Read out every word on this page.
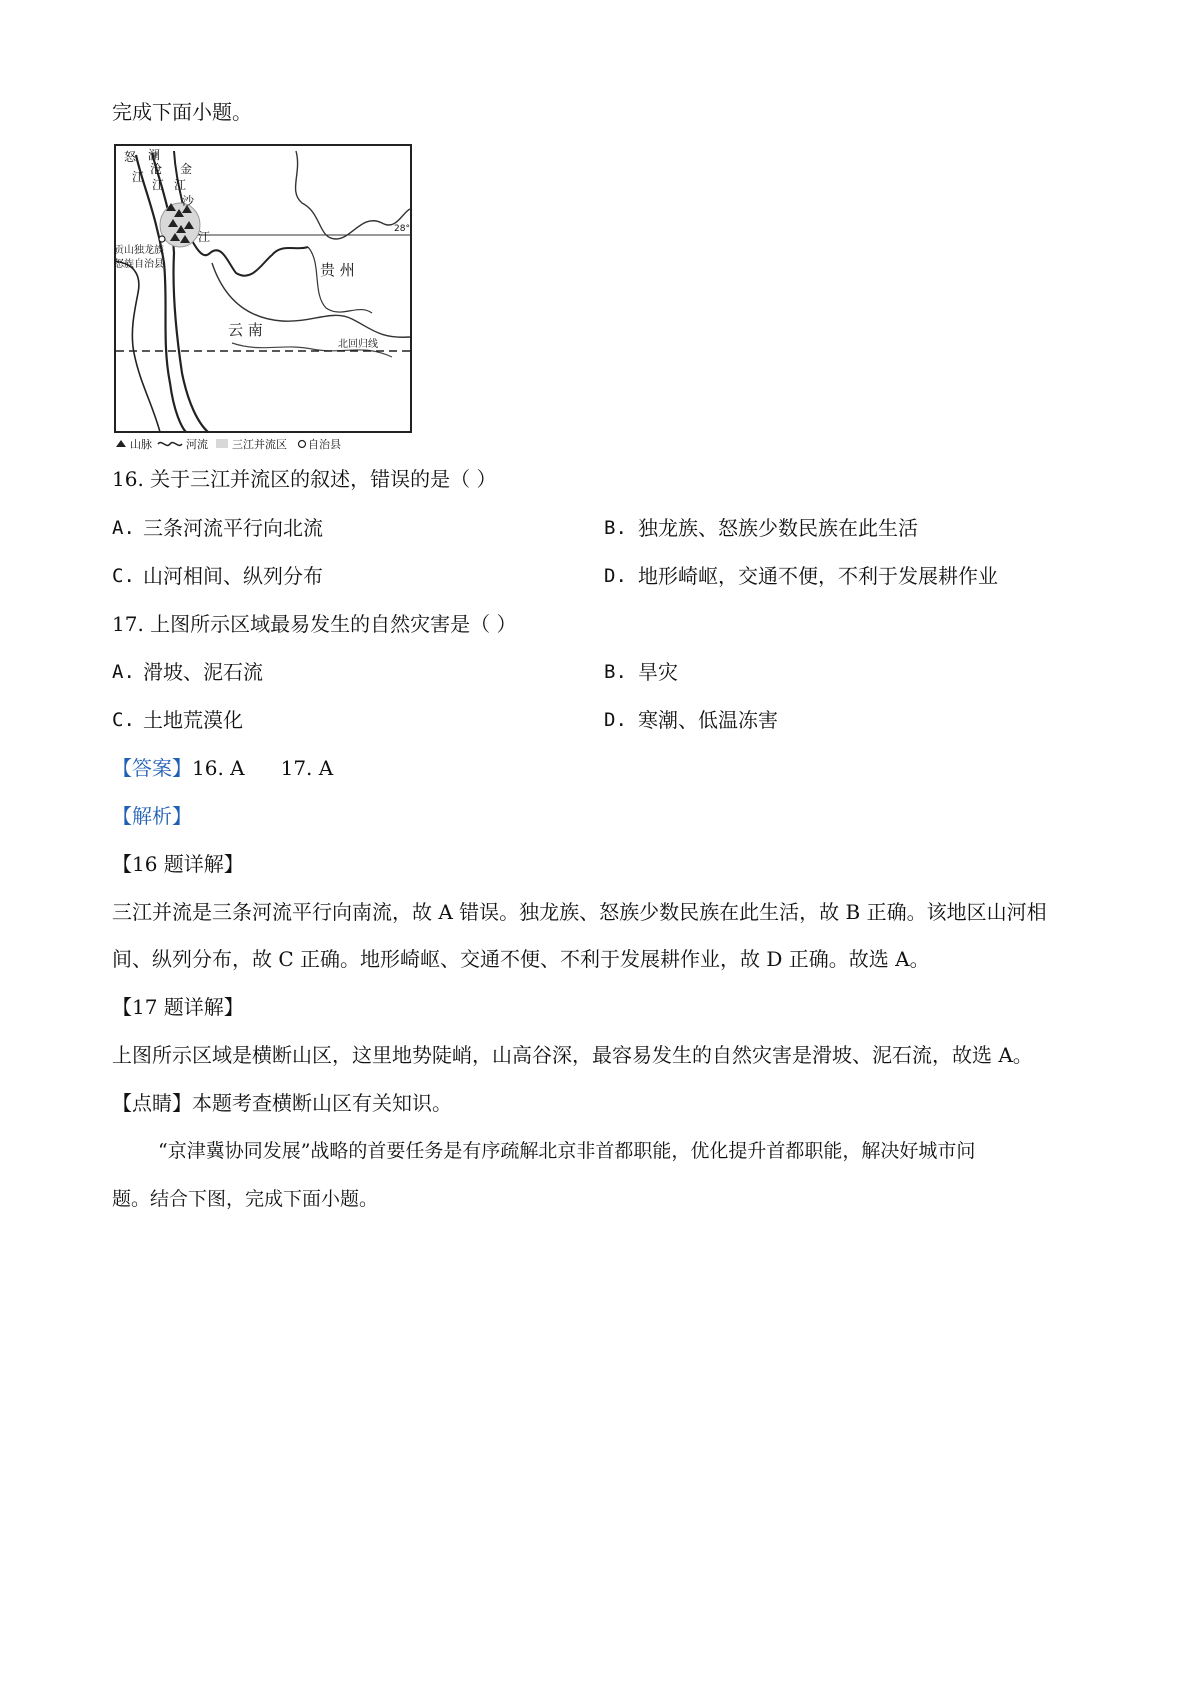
完成下面小题。
怒 澜
沧
江
金
江
沙
江
江
贡山独龙族
怒族自治县	贵 州
云 南
北回归线
28°
山脉	河流 三江并流区 自治县
16. 关于三江并流区的叙述，错误的是（ ）
A. 三条河流平行向北流	B. 独龙族、怒族少数民族在此生活
C. 山河相间、纵列分布	D. 地形崎岖，交通不便，不利于发展耕作业
17. 上图所示区域最易发生的自然灾害是（ ）
A. 滑坡、泥石流	B. 旱灾
C. 土地荒漠化	D. 寒潮、低温冻害
【答案】16. A 17. A
【解析】
【16 题详解】
三江并流是三条河流平行向南流，故 A 错误。独龙族、怒族少数民族在此生活，故 B 正确。该地区山河相
间、纵列分布，故 C 正确。地形崎岖、交通不便、不利于发展耕作业，故 D 正确。故选 A。
【17 题详解】
上图所示区域是横断山区，这里地势陡峭，山高谷深，最容易发生的自然灾害是滑坡、泥石流，故选 A。
【点睛】本题考查横断山区有关知识。
“京津冀协同发展”战略的首要任务是有序疏解北京非首都职能，优化提升首都职能，解决好城市问
题。结合下图，完成下面小题。
